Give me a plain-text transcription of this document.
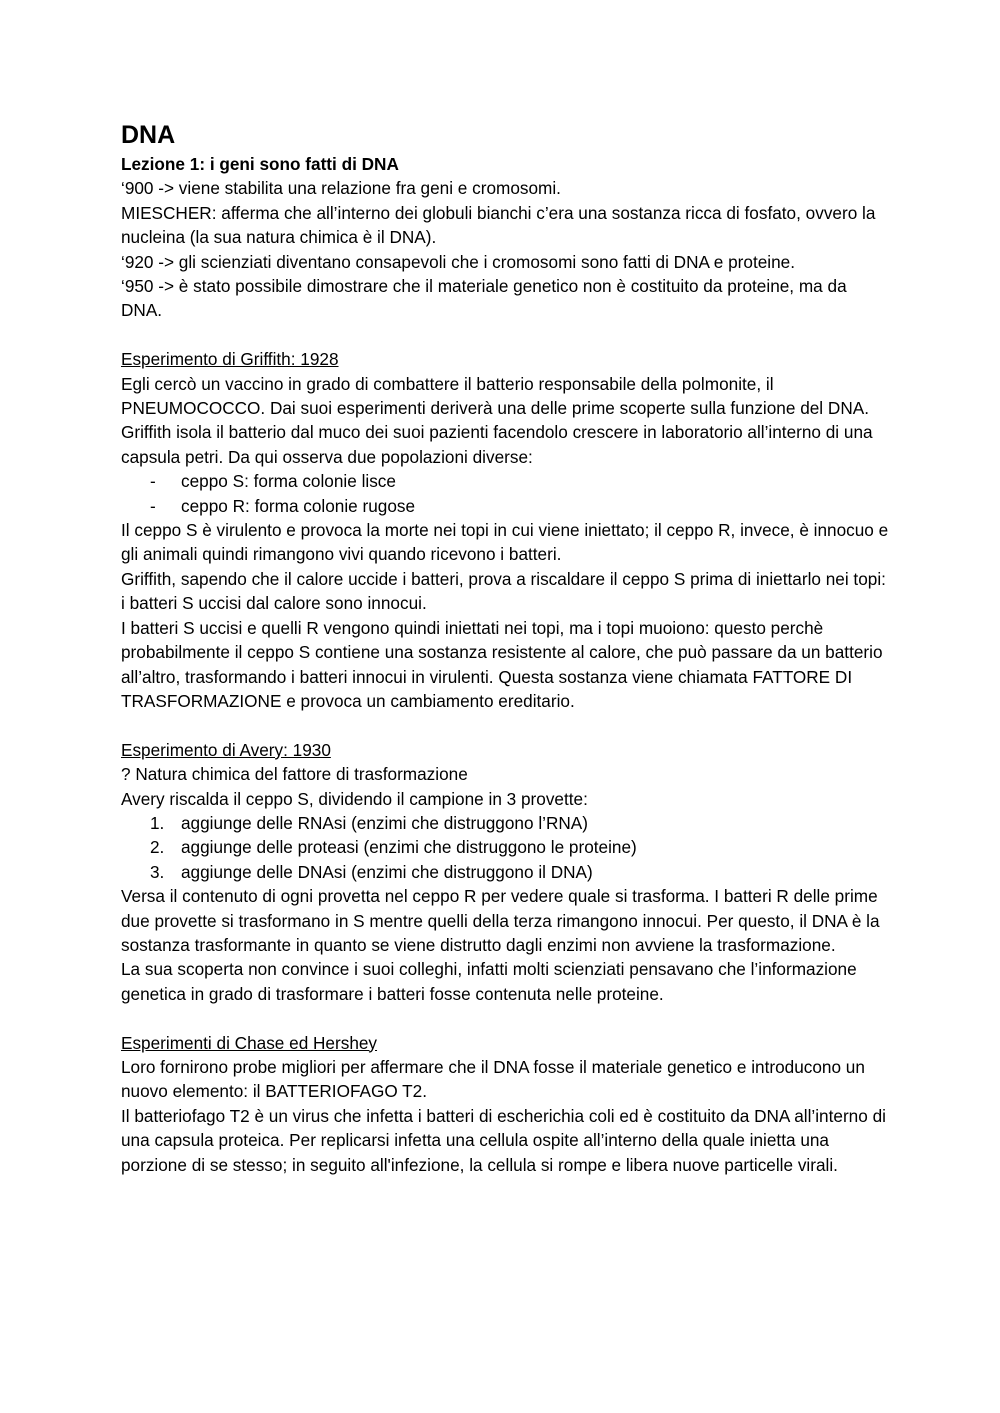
DNA
Lezione 1: i geni sono fatti di DNA

‘900 -> viene stabilita una relazione fra geni e cromosomi.

MIESCHER: afferma che all’interno dei globuli bianchi c’era una sostanza ricca di fosfato, ovvero la nucleina (la sua natura chimica è il DNA).

‘920 -> gli scienziati diventano consapevoli che i cromosomi sono fatti di DNA e proteine.

‘950 -> è stato possibile dimostrare che il materiale genetico non è costituito da proteine, ma da DNA.

Esperimento di Griffith: 1928

Egli cercò un vaccino in grado di combattere il batterio responsabile della polmonite, il PNEUMOCOCCO. Dai suoi esperimenti deriverà una delle prime scoperte sulla funzione del DNA.

Griffith isola il batterio dal muco dei suoi pazienti facendolo crescere in laboratorio all’interno di una capsula petri. Da qui osserva due popolazioni diverse:

- ceppo S: forma colonie lisce
- ceppo R: forma colonie rugose

Il ceppo S è virulento e provoca la morte nei topi in cui viene iniettato; il ceppo R, invece, è innocuo e gli animali quindi rimangono vivi quando ricevono i batteri.

Griffith, sapendo che il calore uccide i batteri, prova a riscaldare il ceppo S prima di iniettarlo nei topi: i batteri S uccisi dal calore sono innocui.

I batteri S uccisi e quelli R vengono quindi iniettati nei topi, ma i topi muoiono: questo perchè probabilmente il ceppo S contiene una sostanza resistente al calore, che può passare da un batterio all’altro, trasformando i batteri innocui in virulenti. Questa sostanza viene chiamata FATTORE DI TRASFORMAZIONE e provoca un cambiamento ereditario.

Esperimento di Avery: 1930

? Natura chimica del fattore di trasformazione

Avery riscalda il ceppo S, dividendo il campione in 3 provette:

1. aggiunge delle RNAsi (enzimi che distruggono l’RNA)
2. aggiunge delle proteasi (enzimi che distruggono le proteine)
3. aggiunge delle DNAsi (enzimi che distruggono il DNA)

Versa il contenuto di ogni provetta nel ceppo R per vedere quale si trasforma. I batteri R delle prime due provette si trasformano in S mentre quelli della terza rimangono innocui. Per questo, il DNA è la sostanza trasformante in quanto se viene distrutto dagli enzimi non avviene la trasformazione.

La sua scoperta non convince i suoi colleghi, infatti molti scienziati pensavano che l’informazione genetica in grado di trasformare i batteri fosse contenuta nelle proteine.

Esperimenti di Chase ed Hershey

Loro fornirono probe migliori per affermare che il DNA fosse il materiale genetico e introducono un nuovo elemento: il BATTERIOFAGO T2.

Il batteriofago T2 è un virus che infetta i batteri di escherichia coli ed è costituito da DNA all’interno di una capsula proteica. Per replicarsi infetta una cellula ospite all’interno della quale inietta una porzione di se stesso; in seguito all'infezione, la cellula si rompe e libera nuove particelle virali.
